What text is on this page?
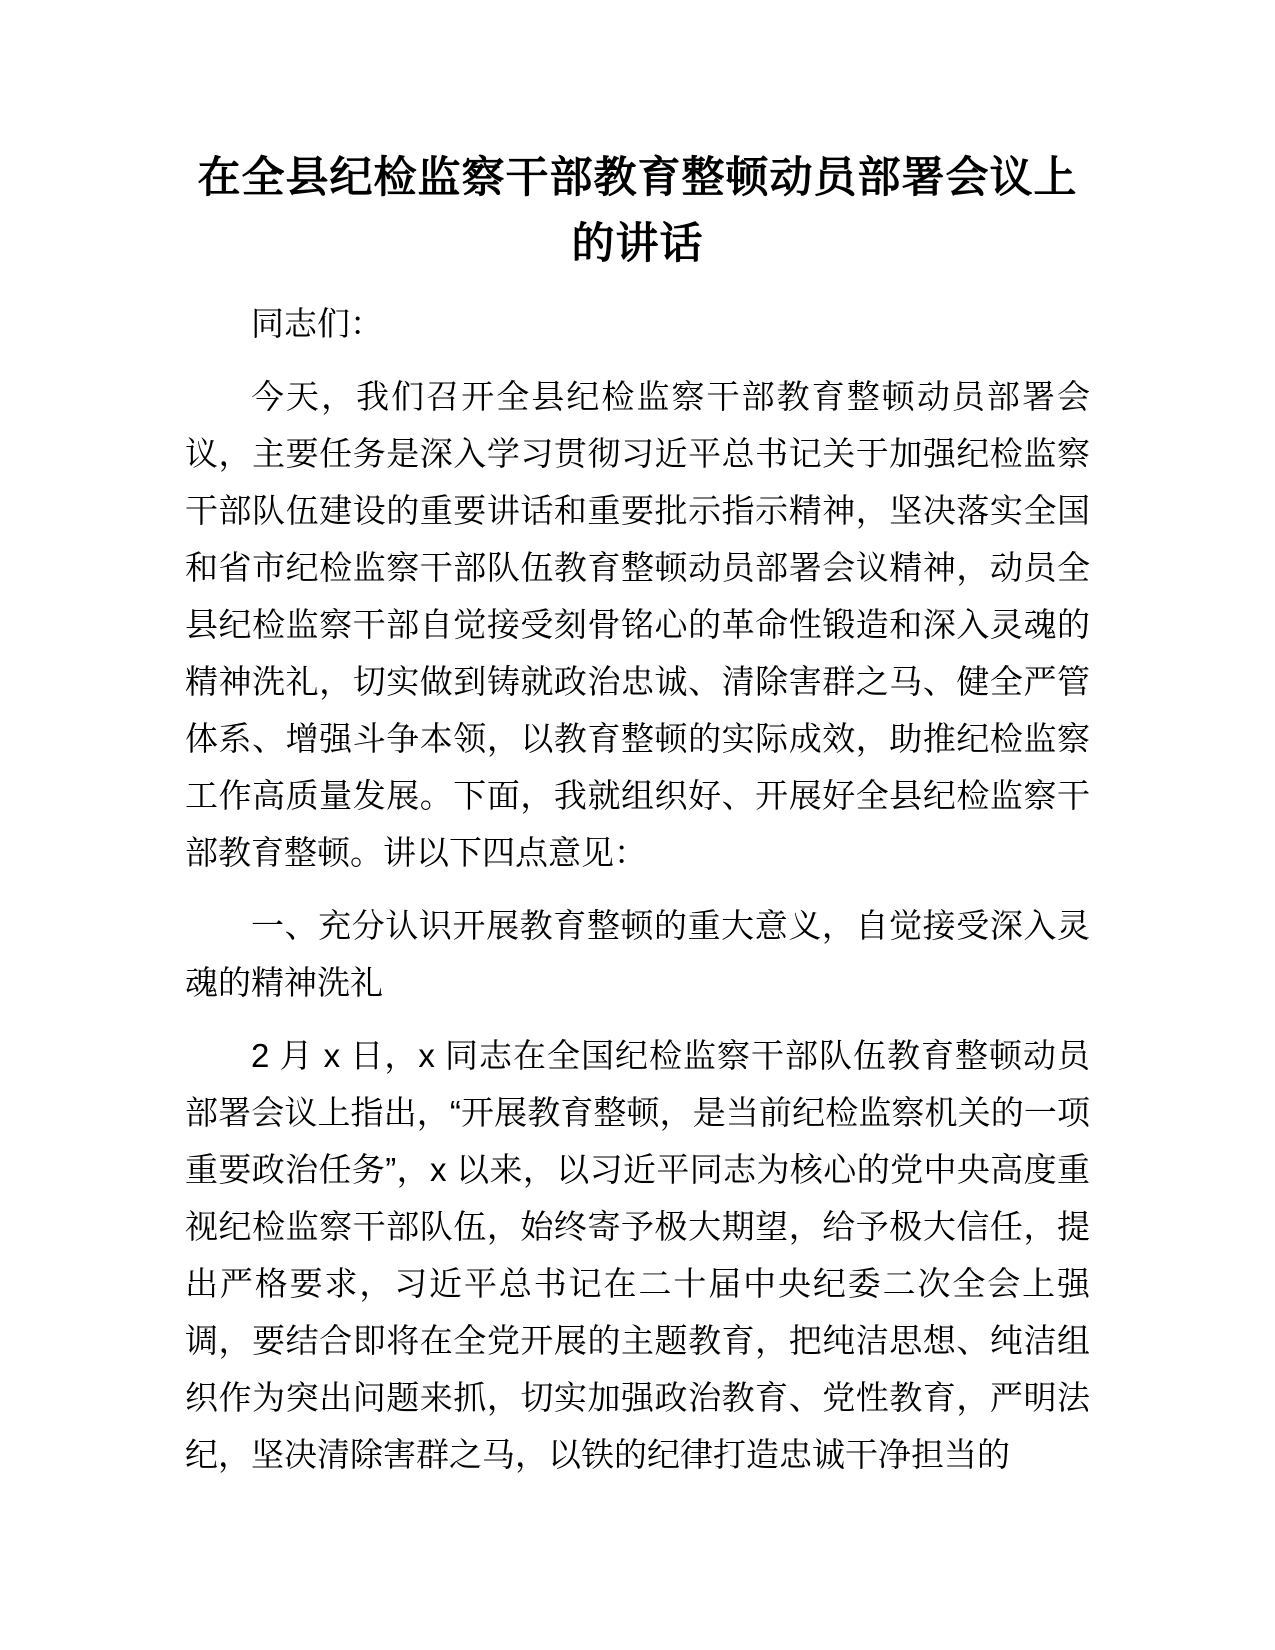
在全县纪检监察干部教育整顿动员部署会议上
的讲话

同志们：

今天，我们召开全县纪检监察干部教育整顿动员部署会议，主要任务是深入学习贯彻习近平总书记关于加强纪检监察干部队伍建设的重要讲话和重要批示指示精神，坚决落实全国和省市纪检监察干部队伍教育整顿动员部署会议精神，动员全县纪检监察干部自觉接受刻骨铭心的革命性锻造和深入灵魂的精神洗礼，切实做到铸就政治忠诚、清除害群之马、健全严管体系、增强斗争本领，以教育整顿的实际成效，助推纪检监察工作高质量发展。下面，我就组织好、开展好全县纪检监察干部教育整顿。讲以下四点意见：

一、充分认识开展教育整顿的重大意义，自觉接受深入灵魂的精神洗礼

2 月 x 日，x 同志在全国纪检监察干部队伍教育整顿动员部署会议上指出，“开展教育整顿，是当前纪检监察机关的一项重要政治任务”，x 以来，以习近平同志为核心的党中央高度重视纪检监察干部队伍，始终寄予极大期望，给予极大信任，提出严格要求，习近平总书记在二十届中央纪委二次全会上强调，要结合即将在全党开展的主题教育，把纯洁思想、纯洁组织作为突出问题来抓，切实加强政治教育、党性教育，严明法纪，坚决清除害群之马，以铁的纪律打造忠诚干净担当的
